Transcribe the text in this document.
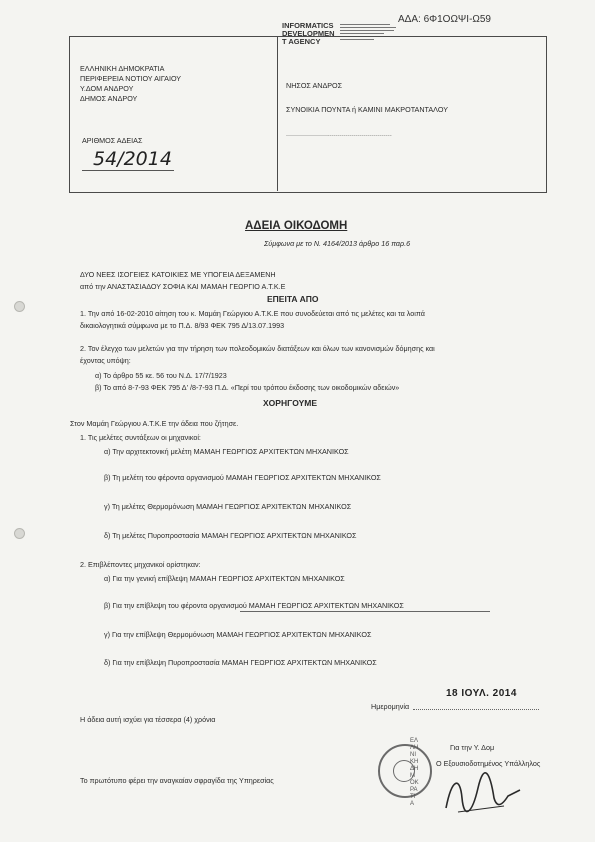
ΑΔΑ: 6Φ1ΟΩΨΙ-Ω59
INFORMATICS
DEVELOPMEN
T AGENCY
ΕΛΛΗΝΙΚΗ ΔΗΜΟΚΡΑΤΙΑ
ΠΕΡΙΦΕΡΕΙΑ ΝΟΤΙΟΥ ΑΙΓΑΙΟΥ
Υ.ΔΟΜ ΑΝΔΡΟΥ
ΔΗΜΟΣ ΑΝΔΡΟΥ
ΑΡΙΘΜΟΣ ΑΔΕΙΑΣ
54/2014
ΝΗΣΟΣ ΑΝΔΡΟΣ
ΣΥΝΟΙΚΙΑ ΠΟΥΝΤΑ ή ΚΑΜΙΝΙ ΜΑΚΡΟΤΑΝΤΑΛΟΥ
.....................................................
ΑΔΕΙΑ ΟΙΚΟΔΟΜΗ
Σύμφωνα με το Ν. 4164/2013 άρθρο 16 παρ.6
ΔΥΟ ΝΕΕΣ ΙΣΟΓΕΙΕΣ ΚΑΤΟΙΚΙΕΣ ΜΕ ΥΠΟΓΕΙΑ ΔΕΞΑΜΕΝΗ
από την ΑΝΑΣΤΑΣΙΑΔΟΥ ΣΟΦΙΑ ΚΑΙ ΜΑΜΑΗ ΓΕΩΡΓΙΟ Α.Τ.Κ.Ε
ΕΠΕΙΤΑ ΑΠΟ
1. Την από 16-02-2010 αίτηση του κ. Μαμάη Γεώργιου Α.Τ.Κ.Ε που συνοδεύεται από τις μελέτες και τα λοιπά
δικαιολογητικά σύμφωνα με το Π.Δ. 8/93 ΦΕΚ 795 Δ/13.07.1993
2. Τον έλεγχο των μελετών για την τήρηση των πολεοδομικών διατάξεων και όλων των κανονισμών δόμησης και
έχοντας υπόψη:
α) Το άρθρο 55 κε. 56 του Ν.Δ. 17/7/1923
β) Το από 8-7-93 ΦΕΚ 795 Δ' /8-7-93 Π.Δ. «Περί του τρόπου έκδοσης των οικοδομικών αδειών»
ΧΟΡΗΓΟΥΜΕ
Στον Μαμάη Γεώργιου Α.Τ.Κ.Ε την άδεια που ζήτησε.
1. Τις μελέτες συντάξεων οι μηχανικοί:
α) Την αρχιτεκτονική μελέτη ΜΑΜΑΗ ΓΕΩΡΓΙΟΣ ΑΡΧΙΤΕΚΤΩΝ ΜΗΧΑΝΙΚΟΣ
β) Τη μελέτη του φέροντα οργανισμού ΜΑΜΑΗ ΓΕΩΡΓΙΟΣ ΑΡΧΙΤΕΚΤΩΝ ΜΗΧΑΝΙΚΟΣ
γ) Τη μελέτες Θερμομόνωση ΜΑΜΑΗ ΓΕΩΡΓΙΟΣ ΑΡΧΙΤΕΚΤΩΝ ΜΗΧΑΝΙΚΟΣ
δ) Τη μελέτες Πυροπροστασία ΜΑΜΑΗ ΓΕΩΡΓΙΟΣ ΑΡΧΙΤΕΚΤΩΝ ΜΗΧΑΝΙΚΟΣ
2. Επιβλέποντες μηχανικοί ορίστηκαν:
α) Για την γενική επίβλεψη ΜΑΜΑΗ ΓΕΩΡΓΙΟΣ ΑΡΧΙΤΕΚΤΩΝ ΜΗΧΑΝΙΚΟΣ
β) Για την επίβλεψη του φέροντα οργανισμού ΜΑΜΑΗ ΓΕΩΡΓΙΟΣ ΑΡΧΙΤΕΚΤΩΝ ΜΗΧΑΝΙΚΟΣ
γ) Για την επίβλεψη Θερμομόνωση ΜΑΜΑΗ ΓΕΩΡΓΙΟΣ ΑΡΧΙΤΕΚΤΩΝ ΜΗΧΑΝΙΚΟΣ
δ) Για την επίβλεψη Πυροπροστασία ΜΑΜΑΗ ΓΕΩΡΓΙΟΣ ΑΡΧΙΤΕΚΤΩΝ ΜΗΧΑΝΙΚΟΣ
Ημερομηνία
18 ΙΟΥΛ. 2014
Η άδεια αυτή ισχύει για τέσσερα (4) χρόνια
Για την Υ. Δομ
Ο Εξουσιοδοτημένος Υπάλληλος
ΕΛΛΗΝΙΚΗ ΔΗΜΟΚΡΑΤΙΑ
Το πρωτότυπο φέρει την αναγκαίαν σφραγίδα της Υπηρεσίας
